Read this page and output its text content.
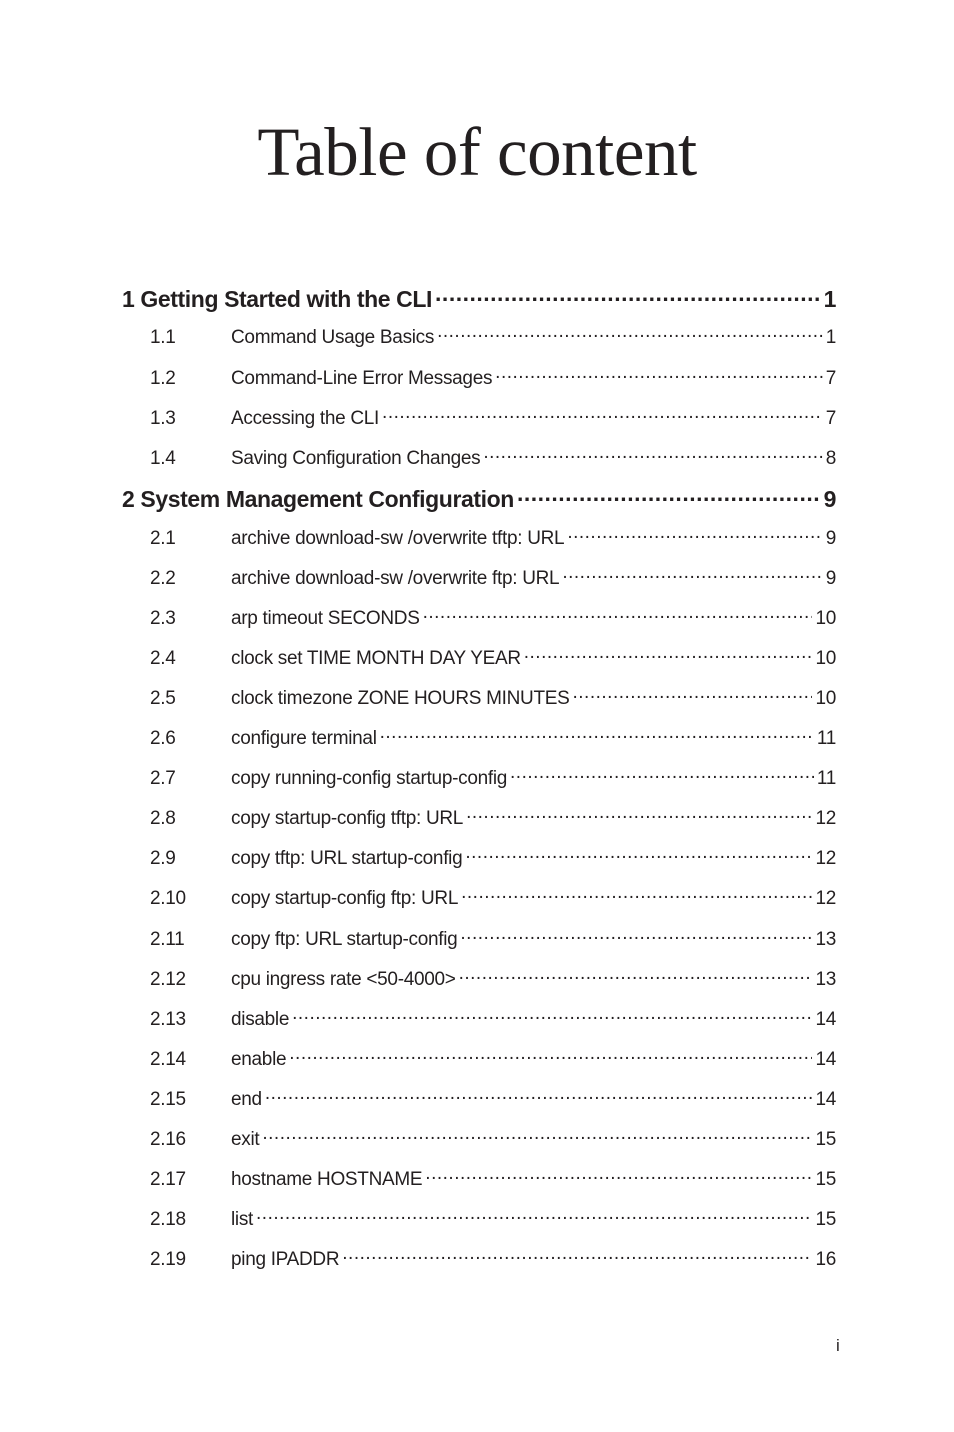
Table of content
1 Getting Started with the CLI .....	1
1.1	Command Usage Basics .....	1
1.2	Command-Line Error Messages .....	7
1.3	Accessing the CLI .....	7
1.4	Saving Configuration Changes .....	8
2 System Management Configuration .....	9
2.1	archive download-sw /overwrite tftp: URL .....	9
2.2	archive download-sw /overwrite ftp: URL .....	9
2.3	arp timeout SECONDS .....	10
2.4	clock set TIME MONTH DAY YEAR .....	10
2.5	clock timezone ZONE HOURS MINUTES .....	10
2.6	configure terminal .....	11
2.7	copy running-config startup-config .....	11
2.8	copy startup-config tftp: URL .....	12
2.9	copy tftp: URL startup-config .....	12
2.10	copy startup-config ftp: URL .....	12
2.11	copy ftp: URL startup-config .....	13
2.12	cpu ingress rate <50-4000> .....	13
2.13	disable .....	14
2.14	enable .....	14
2.15	end .....	14
2.16	exit .....	15
2.17	hostname HOSTNAME .....	15
2.18	list .....	15
2.19	ping IPADDR .....	16
i
